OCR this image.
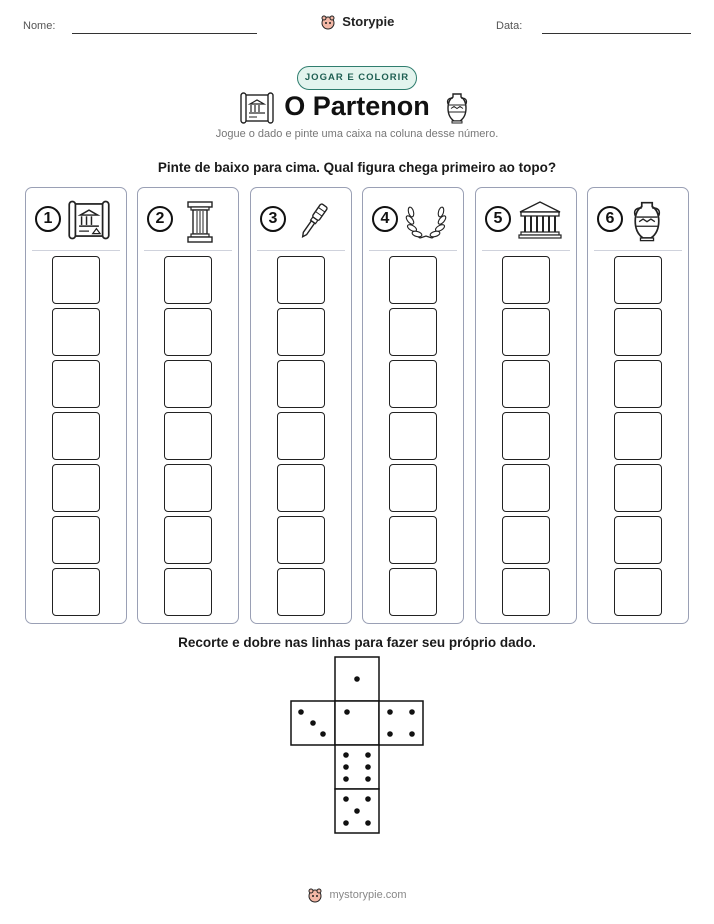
Nome:	Storypie	Data:
JOGAR E COLORIR
O Partenon
Jogue o dado e pinte uma caixa na coluna desse número.
Pinte de baixo para cima. Qual figura chega primeiro ao topo?
1	2	3	4	5	6
Recorte e dobre nas linhas para fazer seu próprio dado.
mystorypie.com
